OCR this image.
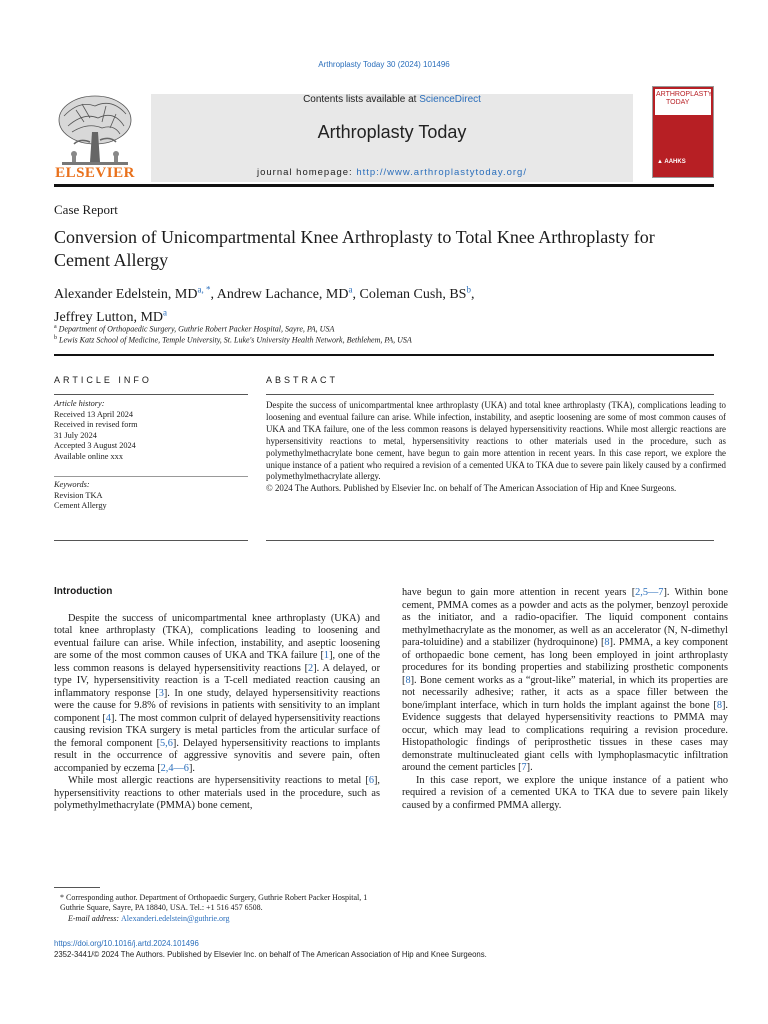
Arthroplasty Today 30 (2024) 101496
ELSEVIER
Contents lists available at ScienceDirect
Arthroplasty Today
journal homepage: http://www.arthroplastytoday.org/
ARTHROPLASTY
TODAY
▲ AAHKS
Case Report
Conversion of Unicompartmental Knee Arthroplasty to Total Knee Arthroplasty for Cement Allergy
Alexander Edelstein, $MD^{a, *}$, Andrew Lachance, $MD^a$, Coleman Cush, $BS^b$,
Jeffrey Lutton, $MD^a$
$^a$ Department of Orthopaedic Surgery, Guthrie Robert Packer Hospital, Sayre, PA, USA
$^b$ Lewis Katz School of Medicine, Temple University, St. Luke's University Health Network, Bethlehem, PA, USA
ARTICLE INFO	ABSTRACT
Article history:
Received 13 April 2024
Received in revised form
31 July 2024
Accepted 3 August 2024
Available online xxx
Keywords:
Revision TKA
Cement Allergy
Despite the success of unicompartmental knee arthroplasty (UKA) and total knee arthroplasty (TKA), complications leading to loosening and eventual failure can arise. While infection, instability, and aseptic loosening are some of most common causes of UKA and TKA failure, one of the less common reasons is delayed hypersensitivity reactions. While most allergic reactions are hypersensitivity reactions to metal, hypersensitivity reactions to other materials used in the procedure, such as polymethylmethacrylate bone cement, have begun to gain more attention in recent years. In this case report, we explore the unique instance of a patient who required a revision of a cemented UKA to TKA due to severe pain likely caused by a confirmed polymethylmethacrylate allergy.
© 2024 The Authors. Published by Elsevier Inc. on behalf of The American Association of Hip and Knee Surgeons.
Introduction

Despite the success of unicompartmental knee arthroplasty (UKA) and total knee arthroplasty (TKA), complications leading to loosening and eventual failure can arise. While infection, instability, and aseptic loosening are some of the most common causes of UKA and TKA failure [1], one of the less common reasons is delayed hypersensitivity reactions [2]. A delayed, or type IV, hypersensitivity reaction is a T-cell mediated reaction causing an inflammatory response [3]. In one study, delayed hypersensitivity reactions were the cause for 9.8% of revisions in patients with sensitivity to an implant component [4]. The most common culprit of delayed hypersensitivity reactions causing revision TKA surgery is metal particles from the articular surface of the femoral component [5,6]. Delayed hypersensitivity reactions to implants result in the occurrence of aggressive synovitis and severe pain, often accompanied by eczema [2,4—6].

While most allergic reactions are hypersensitivity reactions to metal [6], hypersensitivity reactions to other materials used in the procedure, such as polymethylmethacrylate (PMMA) bone cement,

have begun to gain more attention in recent years [2,5—7]. Within bone cement, PMMA comes as a powder and acts as the polymer, benzoyl peroxide as the initiator, and a radio-opacifier. The liquid component contains methylmethacrylate as the monomer, as well as an accelerator (N, N-dimethyl para-toluidine) and a stabilizer (hydroquinone) [8]. PMMA, a key component of orthopaedic bone cement, has long been employed in joint arthroplasty procedures for its bonding properties and stabilizing prosthetic components [8]. Bone cement works as a “grout-like” material, in which its properties are not necessarily adhesive; rather, it acts as a space filler between the bone/implant interface, which in turn holds the implant against the bone [8]. Evidence suggests that delayed hypersensitivity reactions to PMMA may occur, which may lead to complications requiring a revision procedure. Histopathologic findings of periprosthetic tissues in these cases may demonstrate multinucleated giant cells with lymphoplasmacytic infiltration around the cement particles [7].

In this case report, we explore the unique instance of a patient who required a revision of a cemented UKA to TKA due to severe pain likely caused by a confirmed PMMA allergy.

* Corresponding author. Department of Orthopaedic Surgery, Guthrie Robert Packer Hospital, 1 Guthrie Square, Sayre, PA 18840, USA. Tel.: +1 516 457 6508.
E-mail address: Alexanderi.edelstein@guthrie.org
https://doi.org/10.1016/j.artd.2024.101496
2352-3441/© 2024 The Authors. Published by Elsevier Inc. on behalf of The American Association of Hip and Knee Surgeons.
